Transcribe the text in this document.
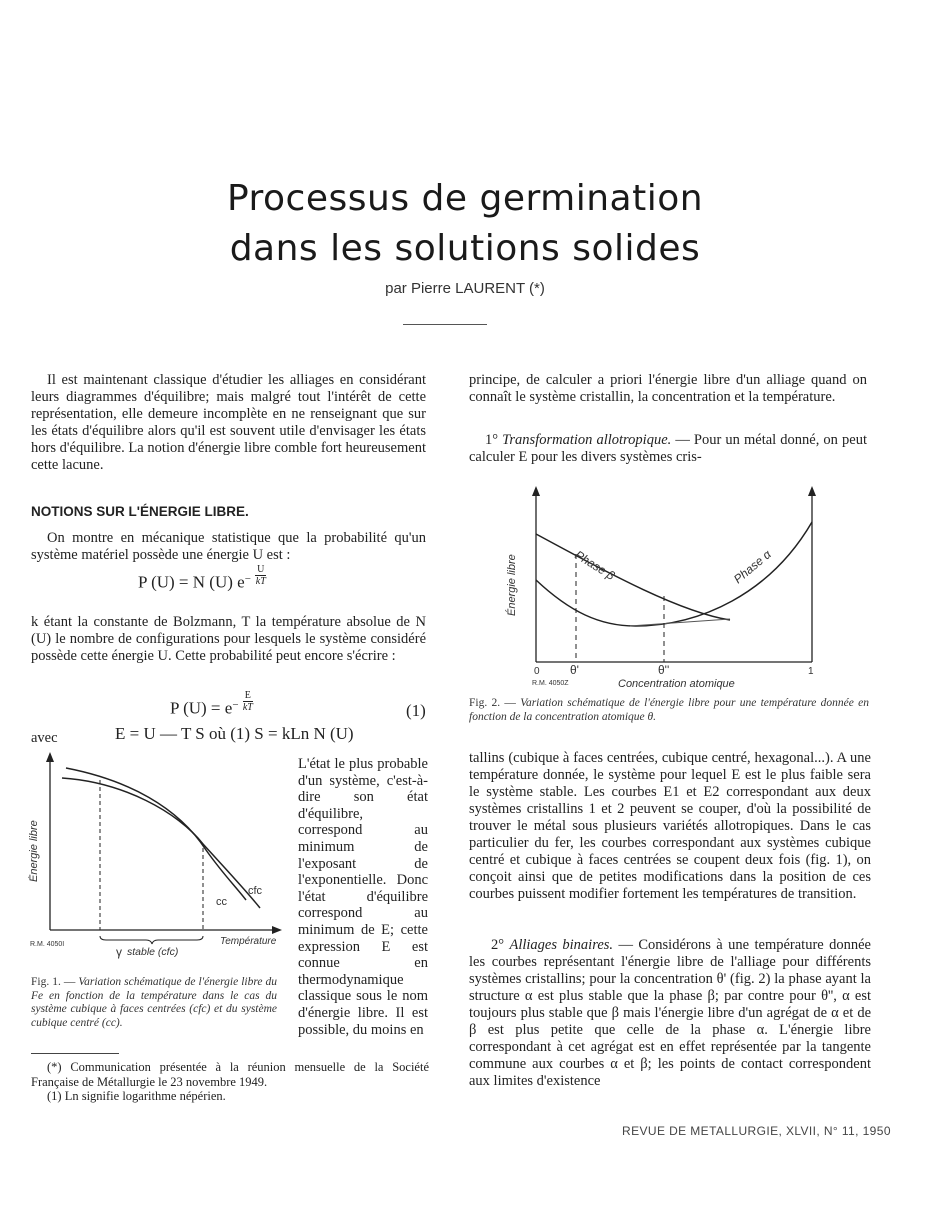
Processus de germination
dans les solutions solides
par Pierre LAURENT (*)
Il est maintenant classique d'étudier les alliages en considérant leurs diagrammes d'équilibre; mais malgré tout l'intérêt de cette représentation, elle demeure incomplète en ne renseignant que sur les états d'équilibre alors qu'il est souvent utile d'envisager les états hors d'équilibre. La notion d'énergie libre comble fort heureusement cette lacune.
NOTIONS SUR L'ÉNERGIE LIBRE.
On montre en mécanique statistique que la probabilité qu'un système matériel possède une énergie U est :
P (U) = N (U) $e^- \frac{U}{kT}$
k étant la constante de Bolzmann, T la température absolue de N (U) le nombre de configurations pour lesquels le système considéré possède cette énergie U. Cette probabilité peut encore s'écrire :
P $(U) = e^- \frac{E}{kT}$	(1)
avec	E = U — T S où (1) S = kLn N (U)
Énergie libre
Température
cfc
cc
γ stable (cfc)
R.M. 4050I
Fig. 1. — Variation schématique de l'énergie libre du Fe en fonction de la température dans le cas du système cubique à faces centrées (cfc) et du système cubique centré (cc).
L'état le plus probable d'un système, c'est-à-dire son état d'équilibre, correspond au minimum de l'exposant de l'exponentielle. Donc l'état d'équilibre correspond au minimum de E; cette expression E est connue en thermodynamique classique sous le nom d'énergie libre. Il est possible, du moins en
(*) Communication présentée à la réunion mensuelle de la Société Française de Métallurgie le 23 novembre 1949.
(1) Ln signifie logarithme népérien.
principe, de calculer a priori l'énergie libre d'un alliage quand on connaît le système cristallin, la concentration et la température.
1° Transformation allotropique. — Pour un métal donné, on peut calculer E pour les divers systèmes cris-
Énergie libre	Phase β	Phase α
0	1
θ'	θ''
Concentration atomique
R.M. 4050Z
Fig. 2. — Variation schématique de l'énergie libre pour une température donnée en fonction de la concentration atomique θ.
tallins (cubique à faces centrées, cubique centré, hexagonal...). A une température donnée, le système pour lequel E est le plus faible sera le système stable. Les courbes E1 et E2 correspondant aux deux systèmes cristallins 1 et 2 peuvent se couper, d'où la possibilité de trouver le métal sous plusieurs variétés allotropiques. Dans le cas particulier du fer, les courbes correspondant aux systèmes cubique centré et cubique à faces centrées se coupent deux fois (fig. 1), on conçoit ainsi que de petites modifications dans la position de ces courbes puissent modifier fortement les températures de transition.
2° Alliages binaires. — Considérons à une température donnée les courbes représentant l'énergie libre de l'alliage pour différents systèmes cristallins; pour la concentration θ' (fig. 2) la phase ayant la structure α est plus stable que la phase β; par contre pour θ'', α est toujours plus stable que β mais l'énergie libre d'un agrégat de α et de β est plus petite que celle de la phase α. L'énergie libre correspondant à cet agrégat est en effet représentée par la tangente commune aux courbes α et β; les points de contact correspondent aux limites d'existence
REVUE DE METALLURGIE, XLVII, N° 11, 1950
